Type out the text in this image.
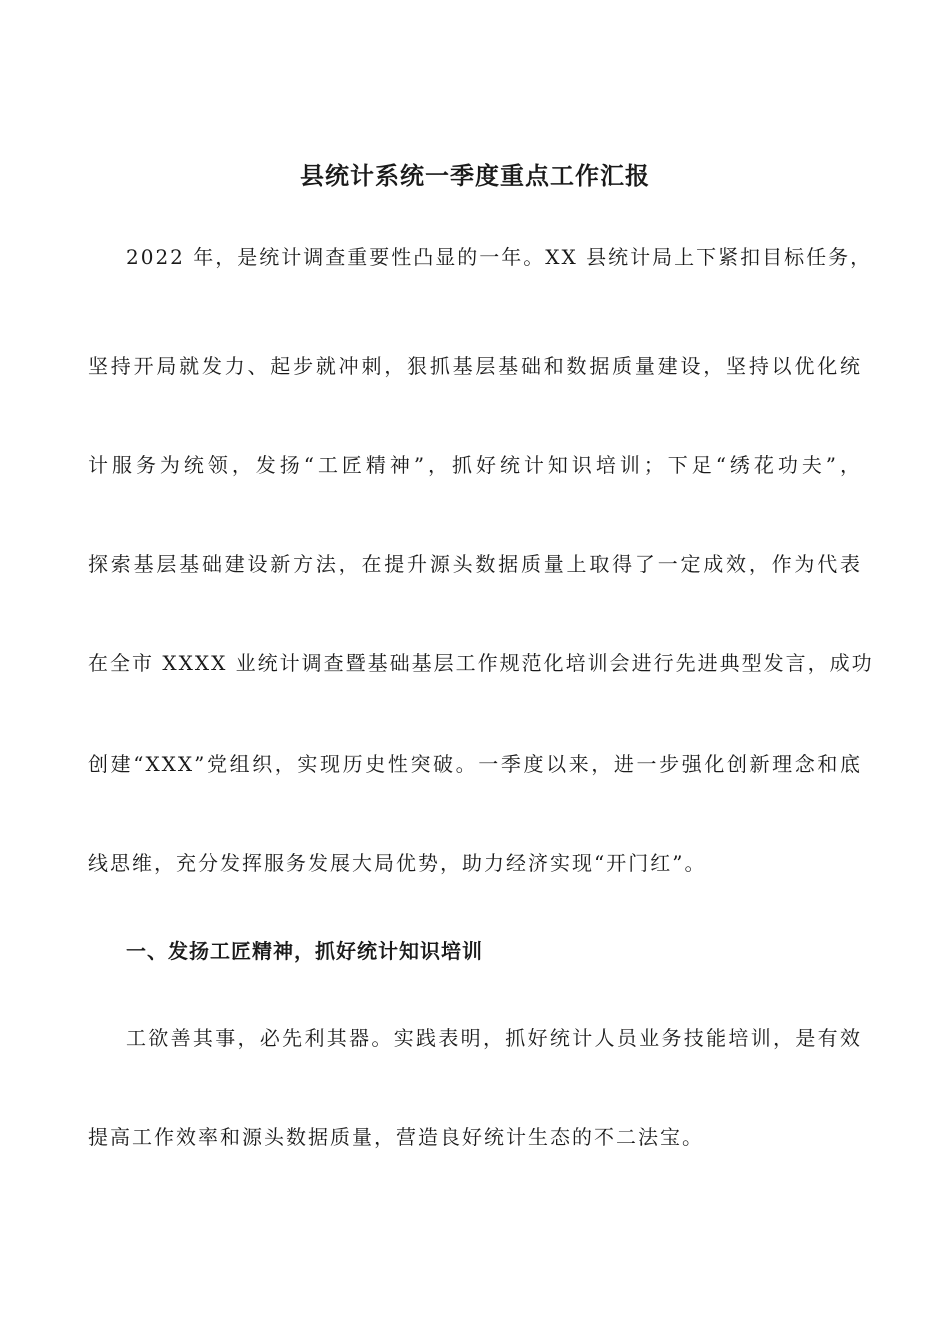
县统计系统一季度重点工作汇报
2022 年，是统计调查重要性凸显的一年。XX 县统计局上下紧扣目标任务，
坚持开局就发力、起步就冲刺，狠抓基层基础和数据质量建设，坚持以优化统
计服务为统领，发扬“工匠精神”，抓好统计知识培训；下足“绣花功夫”，
探索基层基础建设新方法，在提升源头数据质量上取得了一定成效，作为代表
在全市 XXXX 业统计调查暨基础基层工作规范化培训会进行先进典型发言，成功
创建“XXX”党组织，实现历史性突破。一季度以来，进一步强化创新理念和底
线思维，充分发挥服务发展大局优势，助力经济实现“开门红”。
一、发扬工匠精神，抓好统计知识培训
工欲善其事，必先利其器。实践表明，抓好统计人员业务技能培训，是有效
提高工作效率和源头数据质量，营造良好统计生态的不二法宝。
